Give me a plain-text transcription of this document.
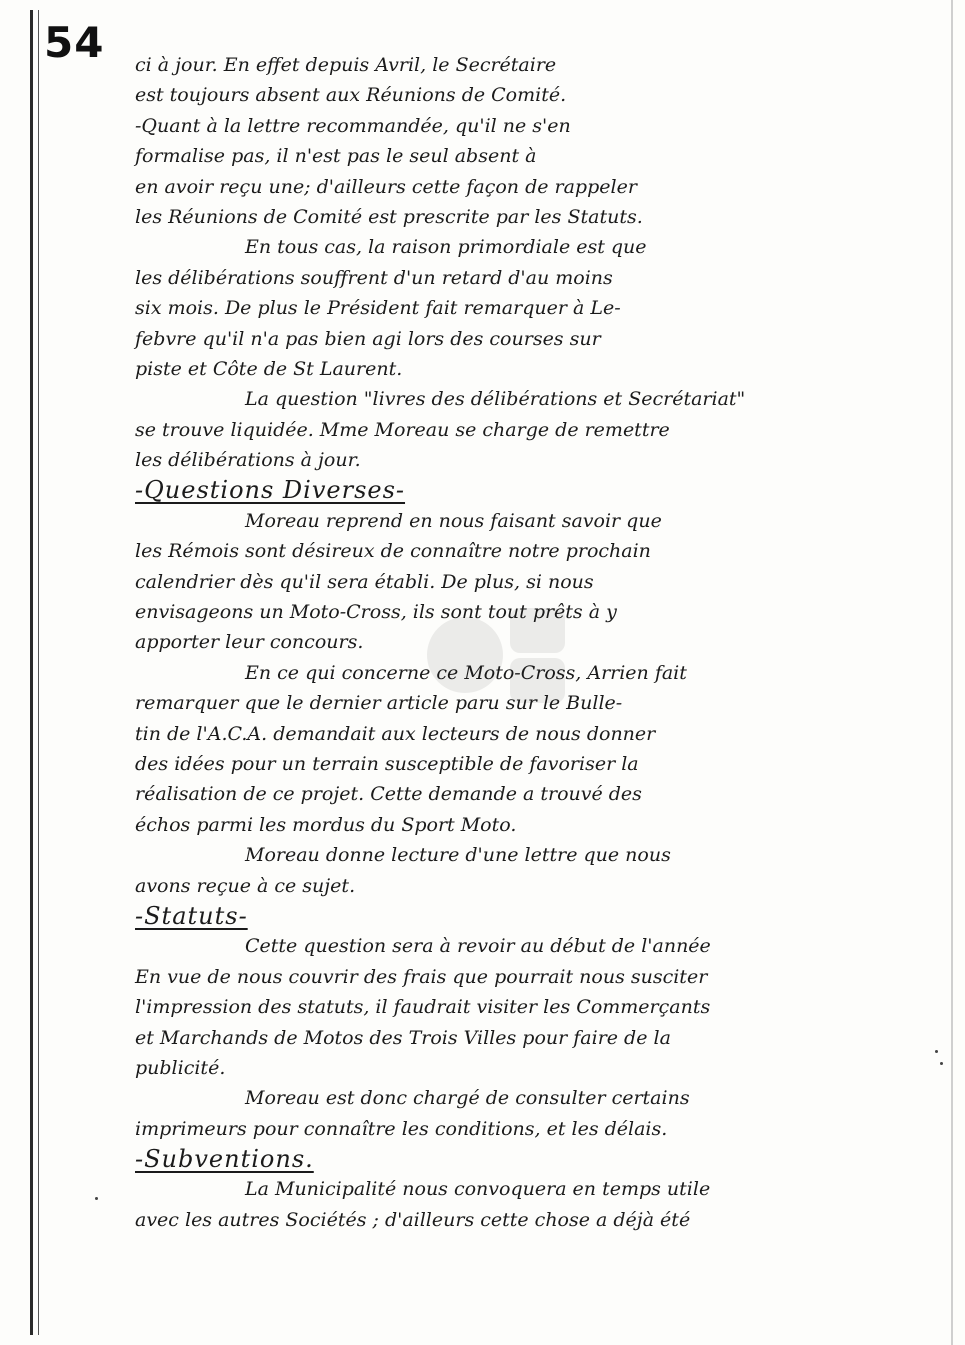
54 ci à jour. En effet depuis Avril, le Secrétaire
est toujours absent aux Réunions de Comité.
-Quant à la lettre recommandée, qu'il ne s'en
formalise pas, il n'est pas le seul absent à
en avoir reçu une; d'ailleurs cette façon de rappeler
les Réunions de Comité est prescrite par les Statuts.
En tous cas, la raison primordiale est que
les délibérations souffrent d'un retard d'au moins
six mois. De plus le Président fait remarquer à Le-
febvre qu'il n'a pas bien agi lors des courses sur
piste et Côte de St Laurent.
La question "livres des délibérations et Secrétariat"
se trouve liquidée. Mme Moreau se charge de remettre
les délibérations à jour.
-Questions Diverses-
Moreau reprend en nous faisant savoir que
les Rémois sont désireux de connaître notre prochain
calendrier dès qu'il sera établi. De plus, si nous
envisageons un Moto-Cross, ils sont tout prêts à y
apporter leur concours.
En ce qui concerne ce Moto-Cross, Arrien fait
remarquer que le dernier article paru sur le Bulle-
tin de l'A.C.A. demandait aux lecteurs de nous donner
des idées pour un terrain susceptible de favoriser la
réalisation de ce projet. Cette demande a trouvé des
échos parmi les mordus du Sport Moto.
Moreau donne lecture d'une lettre que nous
avons reçue à ce sujet.
-Statuts-
Cette question sera à revoir au début de l'année
En vue de nous couvrir des frais que pourrait nous susciter
l'impression des statuts, il faudrait visiter les Commerçants
et Marchands de Motos des Trois Villes pour faire de la
publicité.
Moreau est donc chargé de consulter certains
imprimeurs pour connaître les conditions, et les délais.
-Subventions.
La Municipalité nous convoquera en temps utile
avec les autres Sociétés ; d'ailleurs cette chose a déjà été
